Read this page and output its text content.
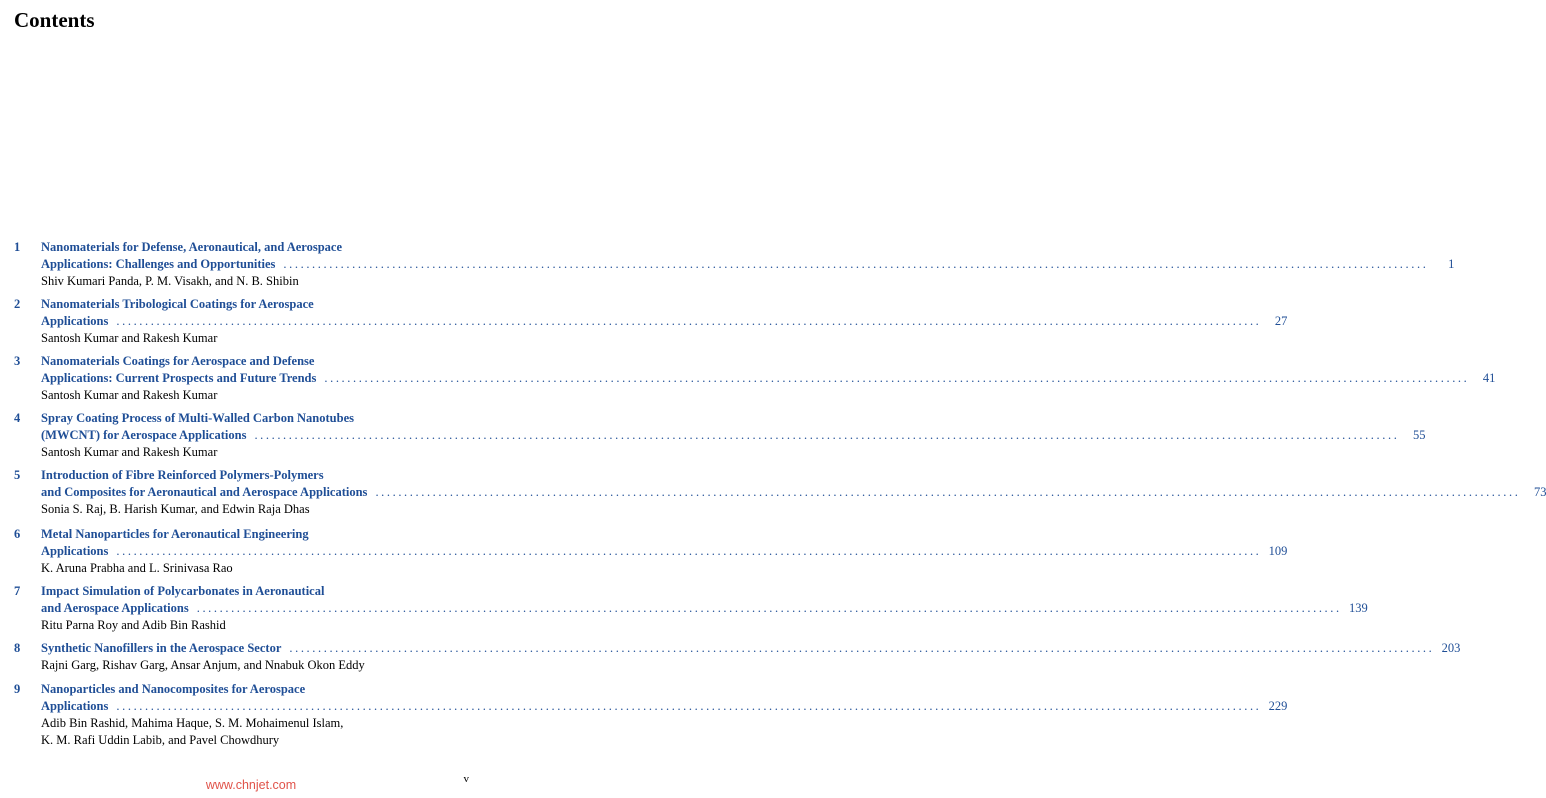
Contents
1 Nanomaterials for Defense, Aeronautical, and Aerospace
Applications: Challenges and Opportunities ........................................................................................................................................................................................................	1
Shiv Kumari Panda, P. M. Visakh, and N. B. Shibin
2 Nanomaterials Tribological Coatings for Aerospace
Applications ........................................................................................................................................................................................................	27
Santosh Kumar and Rakesh Kumar
3 Nanomaterials Coatings for Aerospace and Defense
Applications: Current Prospects and Future Trends ........................................................................................................................................................................................................	41
Santosh Kumar and Rakesh Kumar
4 Spray Coating Process of Multi-Walled Carbon Nanotubes
(MWCNT) for Aerospace Applications ........................................................................................................................................................................................................	55
Santosh Kumar and Rakesh Kumar
5 Introduction of Fibre Reinforced Polymers-Polymers
and Composites for Aeronautical and Aerospace Applications ........................................................................................................................................................................................................	73
Sonia S. Raj, B. Harish Kumar, and Edwin Raja Dhas
6 Metal Nanoparticles for Aeronautical Engineering
Applications ........................................................................................................................................................................................................ 109
K. Aruna Prabha and L. Srinivasa Rao
7 Impact Simulation of Polycarbonates in Aeronautical
and Aerospace Applications ........................................................................................................................................................................................................ 139
Ritu Parna Roy and Adib Bin Rashid
8 Synthetic Nanofillers in the Aerospace Sector ........................................................................................................................................................................................................ 203
Rajni Garg, Rishav Garg, Ansar Anjum, and Nnabuk Okon Eddy
9 Nanoparticles and Nanocomposites for Aerospace
Applications ........................................................................................................................................................................................................ 229
Adib Bin Rashid, Mahima Haque, S. M. Mohaimenul Islam,
K. M. Rafi Uddin Labib, and Pavel Chowdhury
v
www.chnjet.com
